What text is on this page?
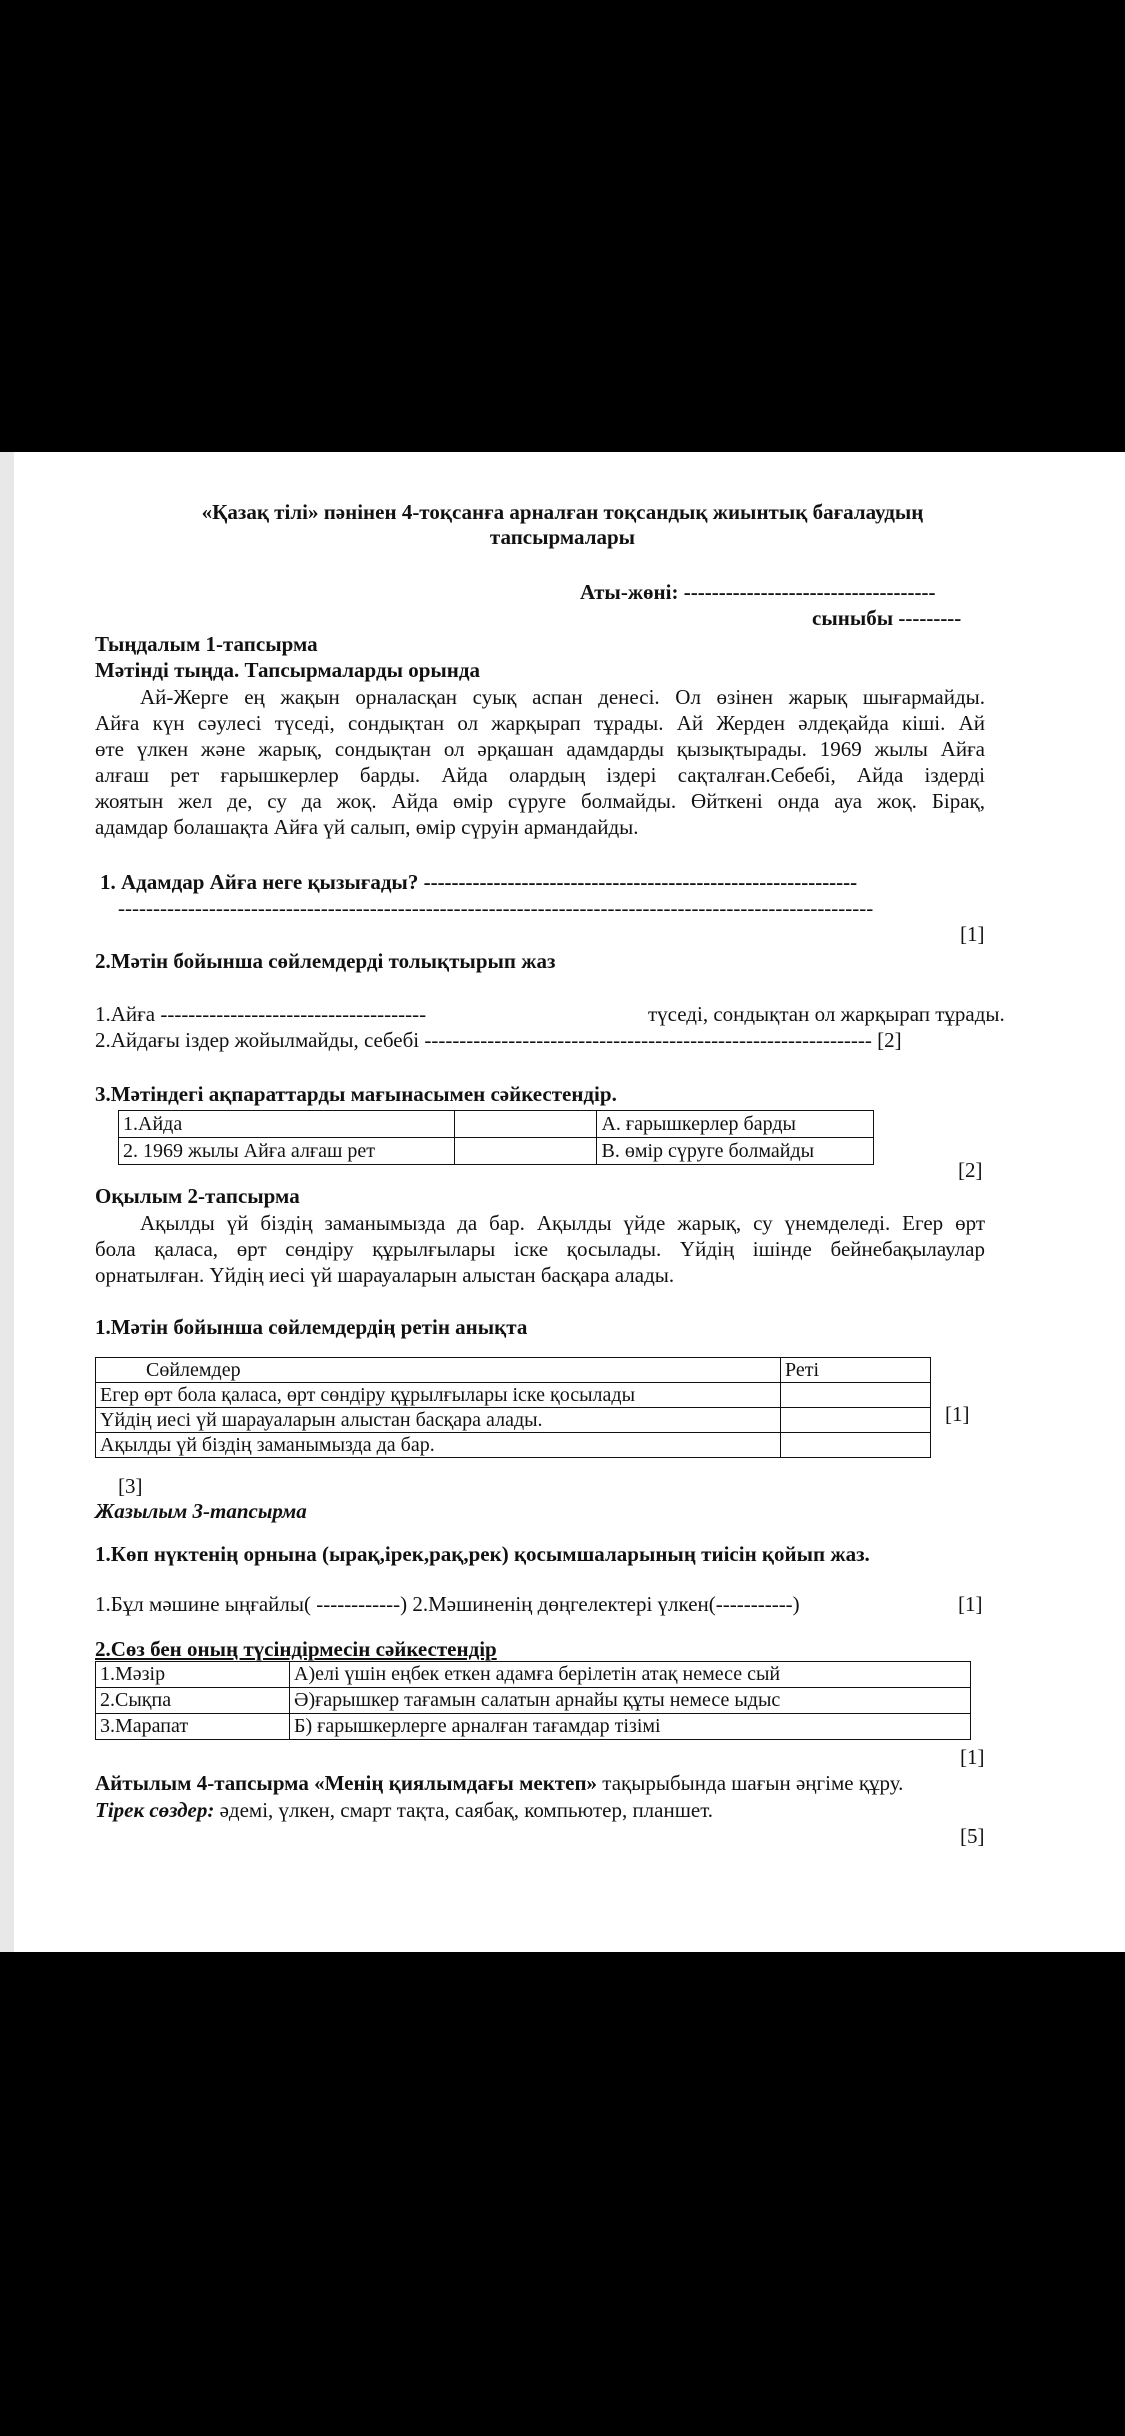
«Қазақ тілі» пәнінен 4-тоқсанға арналған тоқсандық жиынтық бағалаудың
тапсырмалары
Аты-жөні: ------------------------------------
сыныбы ---------
Тыңдалым 1-тапсырма
Мәтінді тыңда. Тапсырмаларды орында
Ай-Жерге ең жақын орналасқан суық аспан денесі. Ол өзінен жарық шығармайды.
Айға күн сәулесі түседі, сондықтан ол жарқырап тұрады. Ай Жерден әлдеқайда кіші. Ай
өте үлкен және жарық, сондықтан ол әрқашан адамдарды қызықтырады. 1969 жылы Айға
алғаш рет ғарышкерлер барды. Айда олардың іздері сақталған.Себебі, Айда іздерді
жоятын жел де, су да жоқ. Айда өмір сүруге болмайды. Өйткені онда ауа жоқ. Бірақ,
адамдар болашақта Айға үй салып, өмір сүруін армандайды.
1. Адамдар Айға неге қызығады? --------------------------------------------------------------
------------------------------------------------------------------------------------------------------------
[1]
2.Мәтін бойынша сөйлемдерді толықтырып жаз
1.Айға --------------------------------------	түседі, сондықтан ол жарқырап тұрады.
2.Айдағы іздер жойылмайды, себебі ---------------------------------------------------------------- [2]
3.Мәтіндегі ақпараттарды мағынасымен сәйкестендір.
1.Айда		А. ғарышкерлер барды
2. 1969 жылы Айға алғаш рет		В. өмір сүруге болмайды
[2]
Оқылым 2-тапсырма
Ақылды үй біздің заманымызда да бар. Ақылды үйде жарық, су үнемделеді. Егер өрт
бола қаласа, өрт сөндіру құрылғылары іске қосылады. Үйдің ішінде бейнебақылаулар
орнатылған. Үйдің иесі үй шарауаларын алыстан басқара алады.
1.Мәтін бойынша сөйлемдердің ретін анықта
Сөйлемдер	Реті
Егер өрт бола қаласа, өрт сөндіру құрылғылары іске қосылады	
Үйдің иесі үй шарауаларын алыстан басқара алады.	
Ақылды үй біздің заманымызда да бар.	
[1]
[3]
Жазылым 3-тапсырма
1.Көп нүктенің орнына (ырақ,ірек,рақ,рек) қосымшаларының тиісін қойып жаз.
1.Бұл мәшине ыңғайлы( ------------) 2.Мәшиненің дөңгелектері үлкен(-----------)	[1]
2.Сөз бен оның түсіндірмесін сәйкестендір
1.Мәзір	А)елі үшін еңбек еткен адамға берілетін атақ немесе сый
2.Сықпа	Ә)ғарышкер тағамын салатын арнайы құты немесе ыдыс
3.Марапат	Б) ғарышкерлерге арналған тағамдар тізімі
[1]
Айтылым 4-тапсырма «Менің қиялымдағы мектеп» тақырыбында шағын әңгіме құру.
Тірек сөздер: әдемі, үлкен, смарт тақта, саябақ, компьютер, планшет.
[5]
